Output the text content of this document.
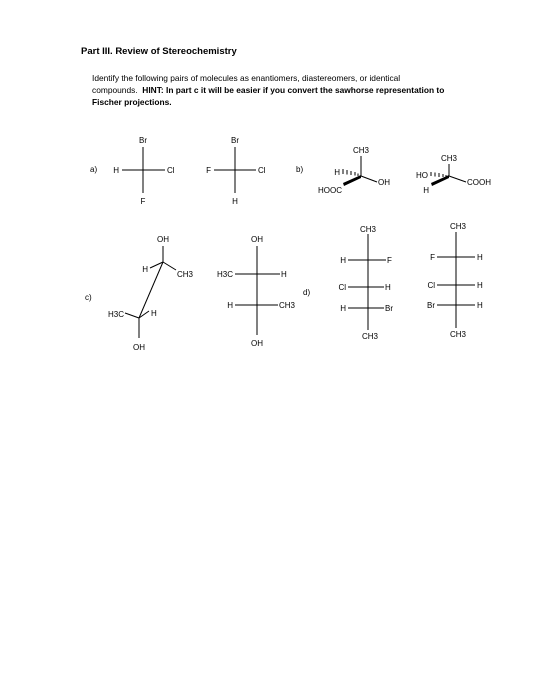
Part III. Review of Stereochemistry
Identify the following pairs of molecules as enantiomers, diastereomers, or identical
compounds. HINT: In part c it will be easier if you convert the sawhorse representation to
Fischer projections.
a)
Br
H	Cl
F
Br
F	Cl
H
b)
CH3
H
OH
HOOC
CH3
HO
COOH
H
c)
OH
H
CH3
H3C	H
OH
OH
H3C	H
H	CH3
OH
d)
CH3
H	F
Cl	H
H	Br
CH3
CH3
F	H
Cl	H
Br	H
CH3
